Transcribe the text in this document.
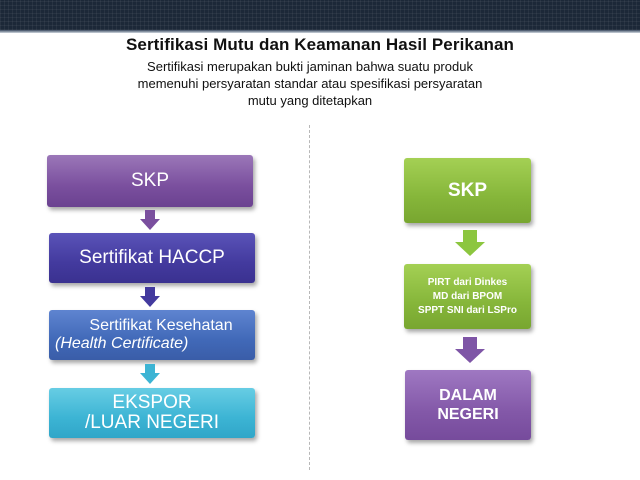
Sertifikasi Mutu dan Keamanan Hasil Perikanan
Sertifikasi merupakan bukti jaminan bahwa suatu produk
memenuhi persyaratan standar atau spesifikasi persyaratan
mutu yang ditetapkan
SKP
Sertifikat HACCP
Sertifikat Kesehatan
(Health Certificate)
EKSPOR
/LUAR NEGERI
SKP
PIRT dari Dinkes
MD dari BPOM
SPPT SNI dari LSPro
DALAM
NEGERI
